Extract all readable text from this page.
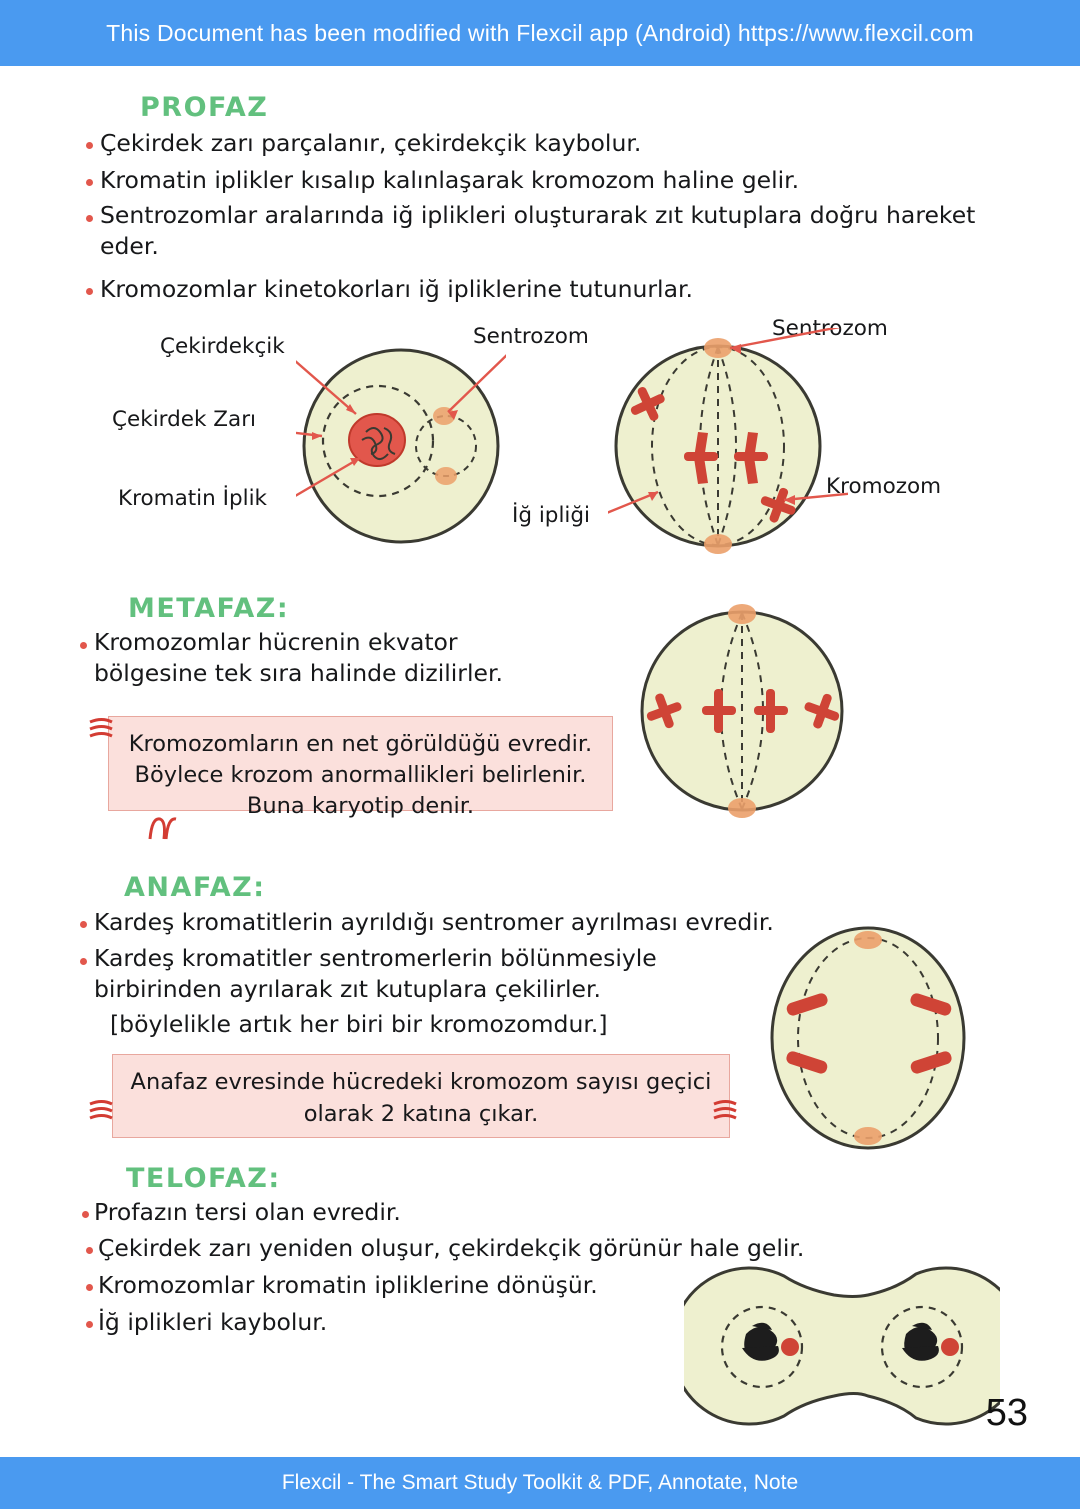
This Document has been modified with Flexcil app (Android) https://www.flexcil.com
PROFAZ
Çekirdek zarı parçalanır, çekirdekçik kaybolur.
Kromatin iplikler kısalıp kalınlaşarak kromozom haline gelir.
Sentrozomlar aralarında iğ iplikleri oluşturarak zıt kutuplara doğru hareket eder.
Kromozomlar kinetokorları iğ ipliklerine tutunurlar.
Çekirdekçik
Çekirdek Zarı
Kromatin İplik
Sentrozom	Sentrozom
Kromozom
İğ ipliği
METAFAZ:
Kromozomlar hücrenin ekvator bölgesine tek sıra halinde dizilirler.
Kromozomların en net görüldüğü evredir.
Böylece krozom anormallikleri belirlenir.
Buna karyotip denir.
ANAFAZ:
Kardeş kromatitlerin ayrıldığı sentromer ayrılması evredir.
Kardeş kromatitler sentromerlerin bölünmesiyle birbirinden ayrılarak zıt kutuplara çekilirler.
[böylelikle artık her biri bir kromozomdur.]
Anafaz evresinde hücredeki kromozom sayısı geçici
olarak 2 katına çıkar.
TELOFAZ:
Profazın tersi olan evredir.
Çekirdek zarı yeniden oluşur, çekirdekçik görünür hale gelir.
Kromozomlar kromatin ipliklerine dönüşür.
İğ iplikleri kaybolur.
53
Flexcil - The Smart Study Toolkit & PDF, Annotate, Note
